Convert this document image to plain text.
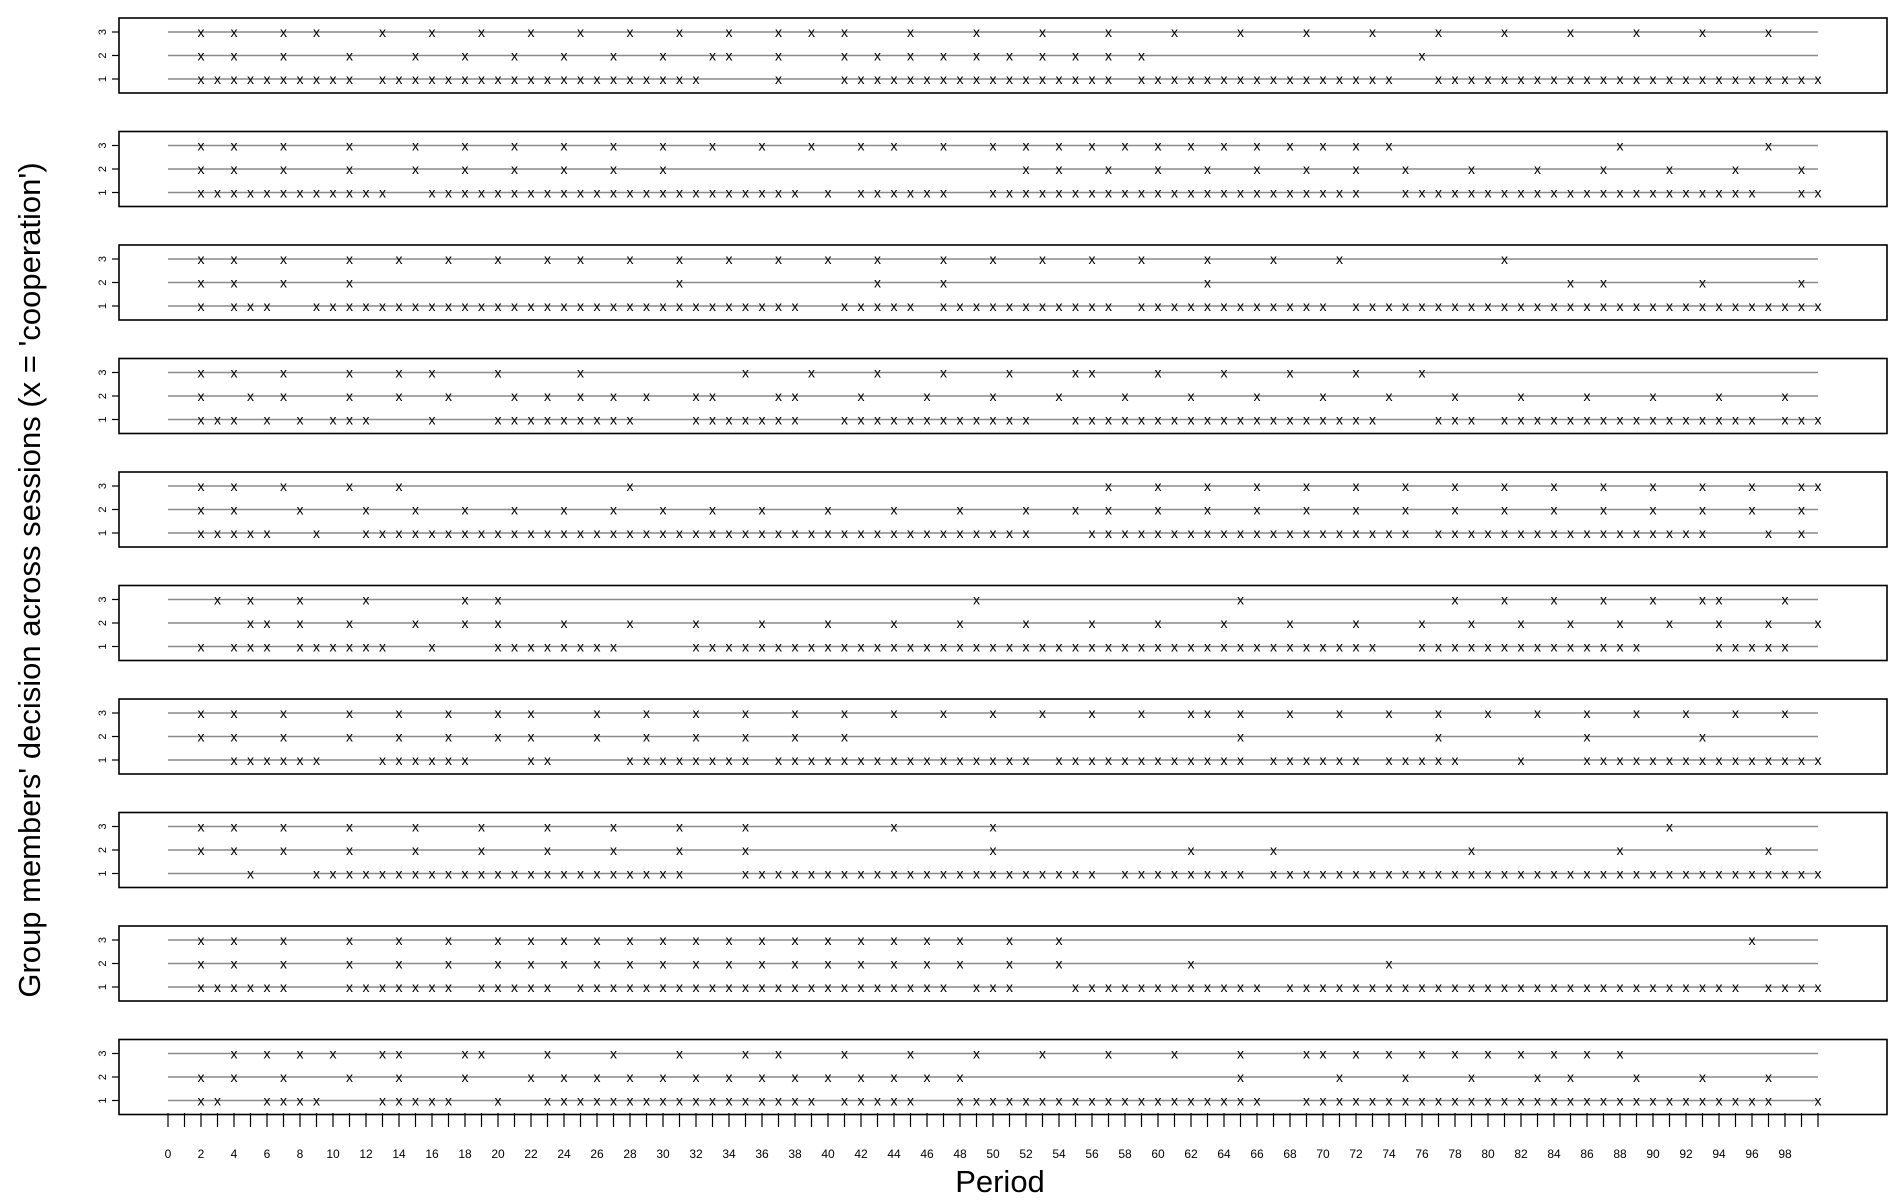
1
2
3	x x	x x	x	x	x	x	x	x	x	x	x x x	x	x	x	x	x	x	x	x	x	x	x	x	x	x
x x	x	x	x	x	x	x	x	x	x x	x	x x x x x x x x x x	x
x x x x x x x x x x x x x x x x x x x x x x x x x x x x x x	x	x x x x x x x x x x x x x x x x x x x x x x x x x x x x x x x x x	x x x x x x x x x x x x x x x x x x x x x x x x
1
2
3	x x	x	x	x	x	x	x	x	x	x	x	x	x x	x	x x x x x x x x x x x x x	x	x
x x	x	x	x	x	x	x	x	x	x x	x	x	x	x	x	x	x	x	x	x	x	x	x
x x x x x x x x x x x x	x x x x x x x x x x x x x x x x x x x x x x x x x x x x x x	x x x x x x x x x x x x x x x x x x x x x x x	x x x x x x x x x x x x x x x x x x x x x x	x x
1
2
3	x x	x	x	x	x	x	x x	x	x	x	x	x	x	x	x	x	x	x	x	x	x	x
x x	x	x	x	x	x	x	x x	x	x
x x x x	x x x x x x x x x x x x x x x x x x x x x x x x x x x x x x	x x x x x x x x x x x x x x x x x x x x x x x x x x x x x x x x x x x x x x x x x x x x x x x x x x x x x x x x x
1
2
3	x x	x	x	x x	x	x	x	x	x	x	x	x x	x	x	x	x	x
x	x x	x	x	x	x x x x x	x x	x x	x	x	x	x	x	x	x	x	x	x	x	x	x	x	x
x x x x x x x x	x	x x x x x x x x x	x x x x x x x	x x x x x x x x x x x x	x x x x x x x x x x x x x x x x x x x	x x x x x x x x x x x x x x x x x x x x x x
1
2
3	x x	x	x	x	x	x	x	x	x	x	x	x	x	x	x	x	x	x	x	x x
x x	x	x	x	x	x	x	x	x	x	x	x	x	x	x	x x	x	x	x	x	x	x	x	x	x	x	x	x	x	x
x x x x x	x	x x x x x x x x x x x x x x x x x x x x x x x x x x x x x x x x x x x x x x x x x	x x x x x x x x x x x x x x x x x x x x x x x x x x x x x x x x x x x x x	x x
1
2
3	x x	x	x	x x	x	x	x	x	x	x	x	x x	x
x x x	x	x	x x	x	x	x	x	x	x	x	x	x	x	x	x	x	x	x	x	x	x	x	x	x	x
x x x x x x x x x x	x	x x x x x x x x	x x x x x x x x x x x x x x x x x x x x x x x x x x x x x x x x x x x x x x x x x x	x x x x x x x x x x x x x x	x x x x x
1
2
3	x x	x	x	x	x	x x	x	x	x	x	x	x	x	x	x	x	x	x	x x x	x	x	x	x	x	x	x	x	x	x	x
x x	x	x	x	x	x x	x	x	x	x	x	x	x	x	x	x
x x x x x x	x x x x x x	x x	x x x x x x x x x x x x x x x x x x x x x x x x x x x x x x x x x x x x x x x x x x x x x x x	x	x x x x x x x x x x x x x x x
1
2
3	x x	x	x	x	x	x	x	x	x	x	x	x
x x	x	x	x	x	x	x	x	x	x	x	x	x	x	x
x	x x x x x x x x x x x x x x x x x x x x x x x	x x x x x x x x x x x x x x x x x x x x x x x x x x x x x x x x x x x x x x x x x x x x x x x x x x x x x x x x x x x x x x x x
1
2
3	x x	x	x	x	x	x x x x x x x x x x x x x x x	x	x	x
x x	x	x	x	x	x x x x x x x x x x x x x x x	x	x	x	x
x x x x x x	x x x x x x x x x x x x x x x x x x x x x x x x x x x x x x x x x x x x x x	x x x x x x x x x x x x x x x x x x x x x x x x x x x x x x x x x x x x x x x x x x x x
1
2
3	x x x x	x x	x x	x	x	x	x x	x	x	x	x	x	x	x	x x x x x x x x x x x
x x	x	x	x	x	x x x x x x x x x x x x x x	x	x	x	x	x x	x	x	x
x x	x x x x	x x x x x	x	x x x x x x x x x x x x x x x x x x x x x x	x x x x x x x x x x x x x x x x x x x	x x x x x x x x x x x x x x x x x x x x x x x x x x x x x	x
0 2 4 6 8 10 12 14 16 18 20 22 24 26 28 30 32 34 36 38 40 42 44 46 48 50 52 54 56 58 60 62 64 66 68 70 72 74 76 78 80 82 84 86 88 90 92 94 96 98
Period
Group members' decision across sessions (x = 'cooperation')
